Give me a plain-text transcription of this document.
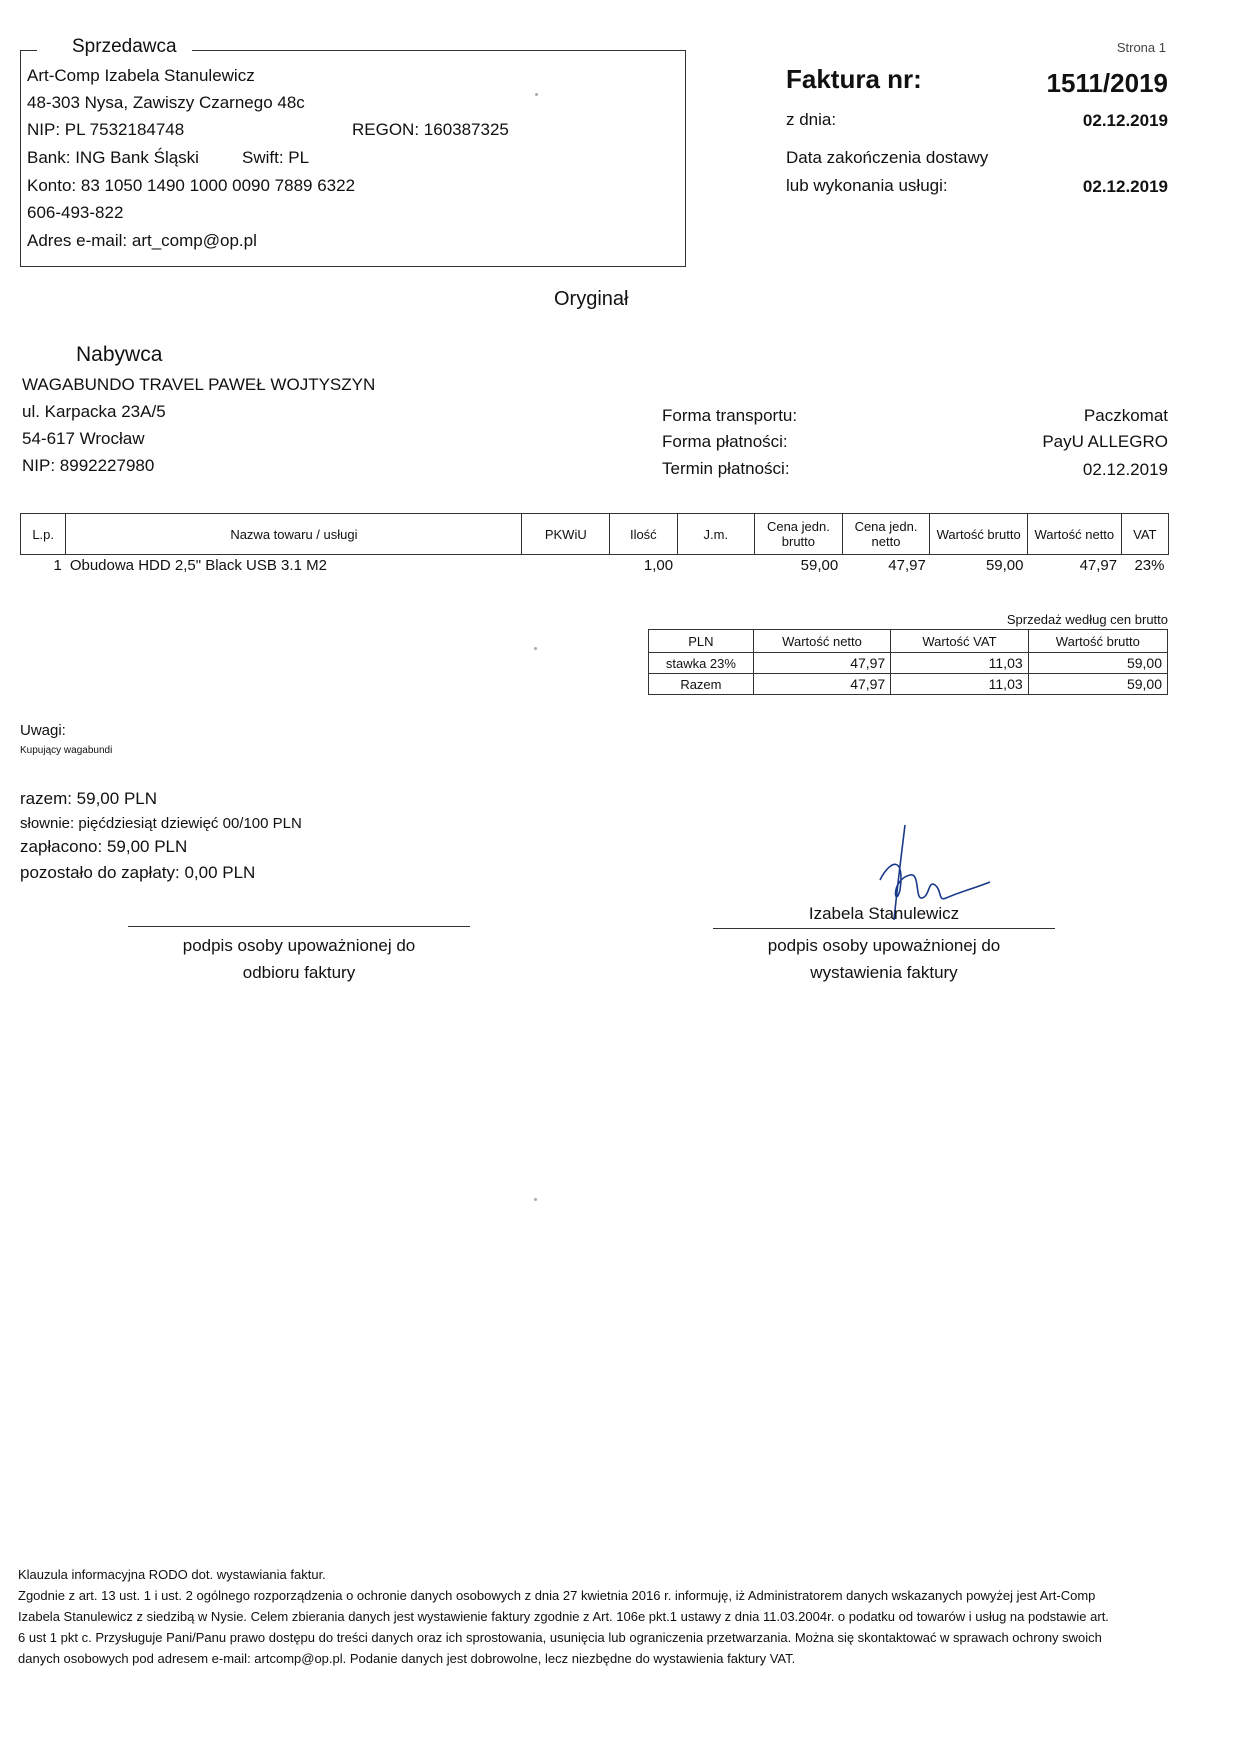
Strona 1
Sprzedawca
Art-Comp Izabela Stanulewicz
48-303 Nysa, Zawiszy Czarnego 48c
NIP: PL 7532184748	REGON: 160387325
Bank: ING Bank Śląski	Swift: PL
Konto: 83 1050 1490 1000 0090 7889 6322
606-493-822
Adres e-mail: art_comp@op.pl
Faktura nr:	1511/2019
z dnia:	02.12.2019
Data zakończenia dostawy
lub wykonania usługi:	02.12.2019
Oryginał
Nabywca
WAGABUNDO TRAVEL PAWEŁ WOJTYSZYN
ul. Karpacka 23A/5
54-617 Wrocław
NIP: 8992227980
Forma transportu:	Paczkomat
Forma płatności:	PayU ALLEGRO
Termin płatności:	02.12.2019
L.p.	Nazwa towaru / usługi	PKWiU	Ilość	J.m.	Cena jedn. brutto	Cena jedn. netto	Wartość brutto	Wartość netto	VAT
1	Obudowa HDD 2,5" Black USB 3.1 M2		1,00		59,00	47,97	59,00	47,97	23%
Sprzedaż według cen brutto
PLN	Wartość netto	Wartość VAT	Wartość brutto
stawka 23%	47,97	11,03	59,00
Razem	47,97	11,03	59,00
Uwagi:
Kupujący wagabundi
razem: 59,00 PLN
słownie: pięćdziesiąt dziewięć 00/100 PLN
zapłacono: 59,00 PLN
pozostało do zapłaty: 0,00 PLN
podpis osoby upoważnionej do
odbioru faktury
Izabela Stanulewicz
podpis osoby upoważnionej do
wystawienia faktury
Klauzula informacyjna RODO dot. wystawiania faktur.
Zgodnie z art. 13 ust. 1 i ust. 2 ogólnego rozporządzenia o ochronie danych osobowych z dnia 27 kwietnia 2016 r. informuję, iż Administratorem danych wskazanych powyżej jest Art-Comp
Izabela Stanulewicz z siedzibą w Nysie. Celem zbierania danych jest wystawienie faktury zgodnie z Art. 106e pkt.1 ustawy z dnia 11.03.2004r. o podatku od towarów i usług na podstawie art.
6 ust 1 pkt c. Przysługuje Pani/Panu prawo dostępu do treści danych oraz ich sprostowania, usunięcia lub ograniczenia przetwarzania. Można się skontaktować w sprawach ochrony swoich
danych osobowych pod adresem e-mail: artcomp@op.pl. Podanie danych jest dobrowolne, lecz niezbędne do wystawienia faktury VAT.
